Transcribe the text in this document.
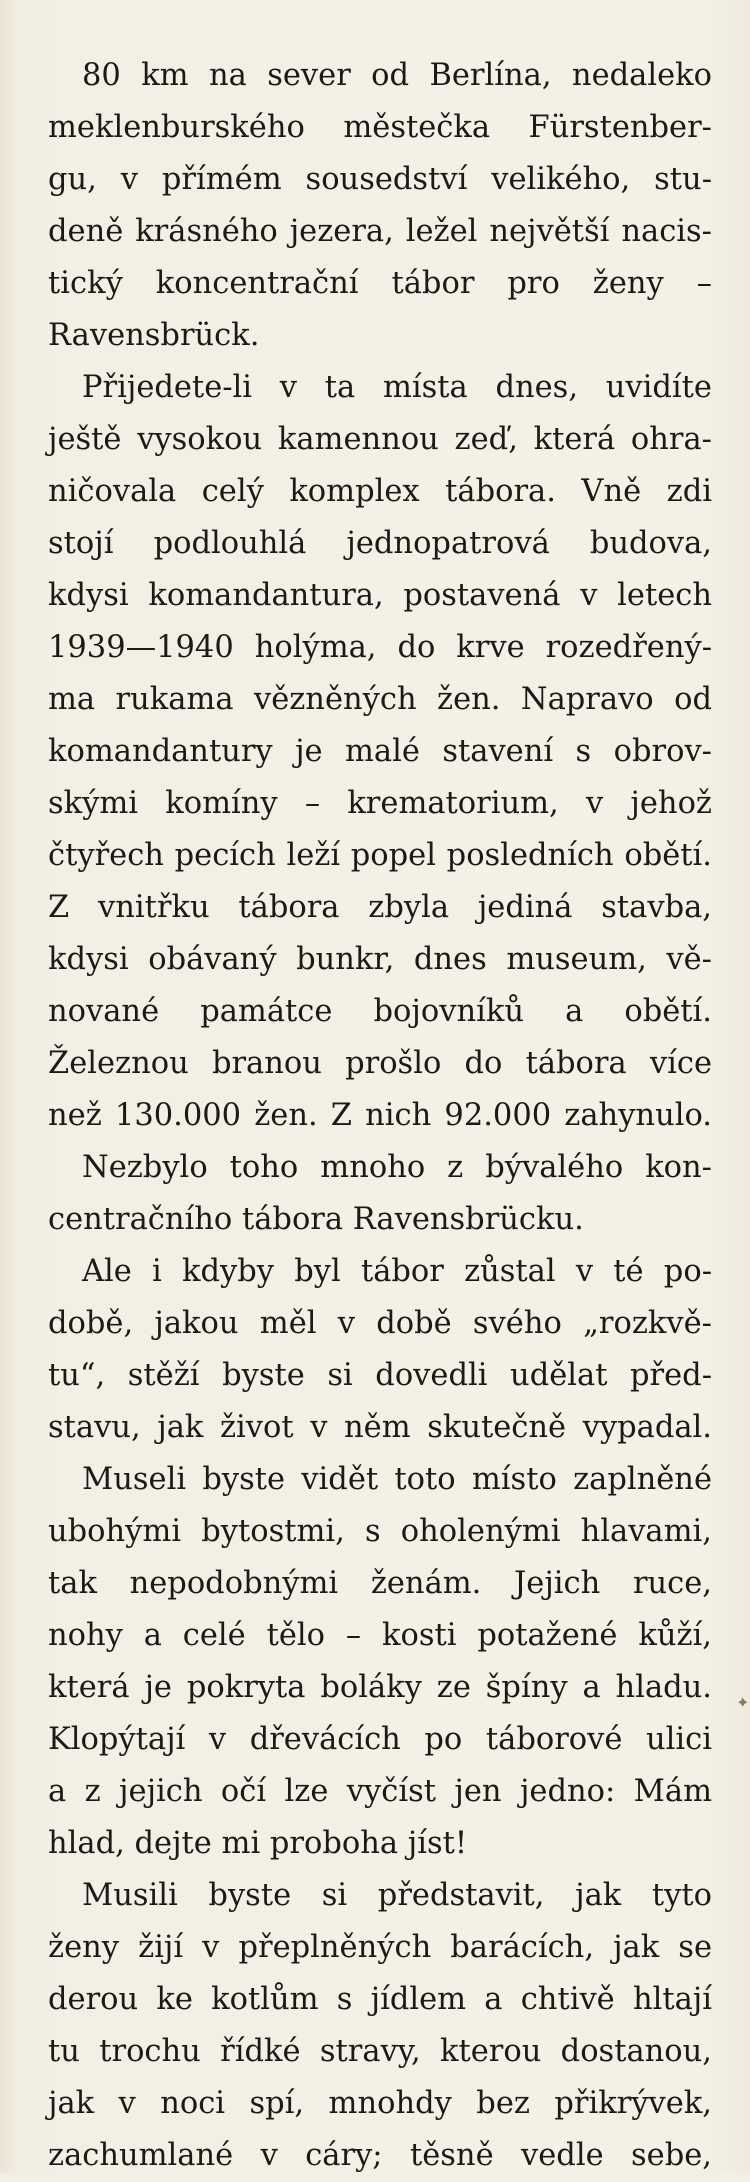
80 km na sever od Berlína, nedaleko
meklenburského městečka Fürstenber-
gu, v přímém sousedství velikého, stu-
deně krásného jezera, ležel největší nacis-
tický koncentrační tábor pro ženy –
Ravensbrück.
Přijedete-li v ta místa dnes, uvidíte
ještě vysokou kamennou zeď, která ohra-
ničovala celý komplex tábora. Vně zdi
stojí podlouhlá jednopatrová budova,
kdysi komandantura, postavená v letech
1939—1940 holýma, do krve rozedřený-
ma rukama vězněných žen. Napravo od
komandantury je malé stavení s obrov-
skými komíny – krematorium, v jehož
čtyřech pecích leží popel posledních obětí.
Z vnitřku tábora zbyla jediná stavba,
kdysi obávaný bunkr, dnes museum, vě-
nované památce bojovníků a obětí.
Železnou branou prošlo do tábora více
než 130.000 žen. Z nich 92.000 zahynulo.
Nezbylo toho mnoho z bývalého kon-
centračního tábora Ravensbrücku.
Ale i kdyby byl tábor zůstal v té po-
době, jakou měl v době svého „rozkvě-
tu“, stěží byste si dovedli udělat před-
stavu, jak život v něm skutečně vypadal.
Museli byste vidět toto místo zaplněné
ubohými bytostmi, s oholenými hlavami,
tak nepodobnými ženám. Jejich ruce,
nohy a celé tělo – kosti potažené kůží,
která je pokryta boláky ze špíny a hladu.
Klopýtají v dřevácích po táborové ulici
a z jejich očí lze vyčíst jen jedno: Mám
hlad, dejte mi proboha jíst!
Musili byste si představit, jak tyto
ženy žijí v přeplněných barácích, jak se
derou ke kotlům s jídlem a chtivě hltají
tu trochu řídké stravy, kterou dostanou,
jak v noci spí, mnohdy bez přikrývek,
zachumlané v cáry; těsně vedle sebe,
✦
